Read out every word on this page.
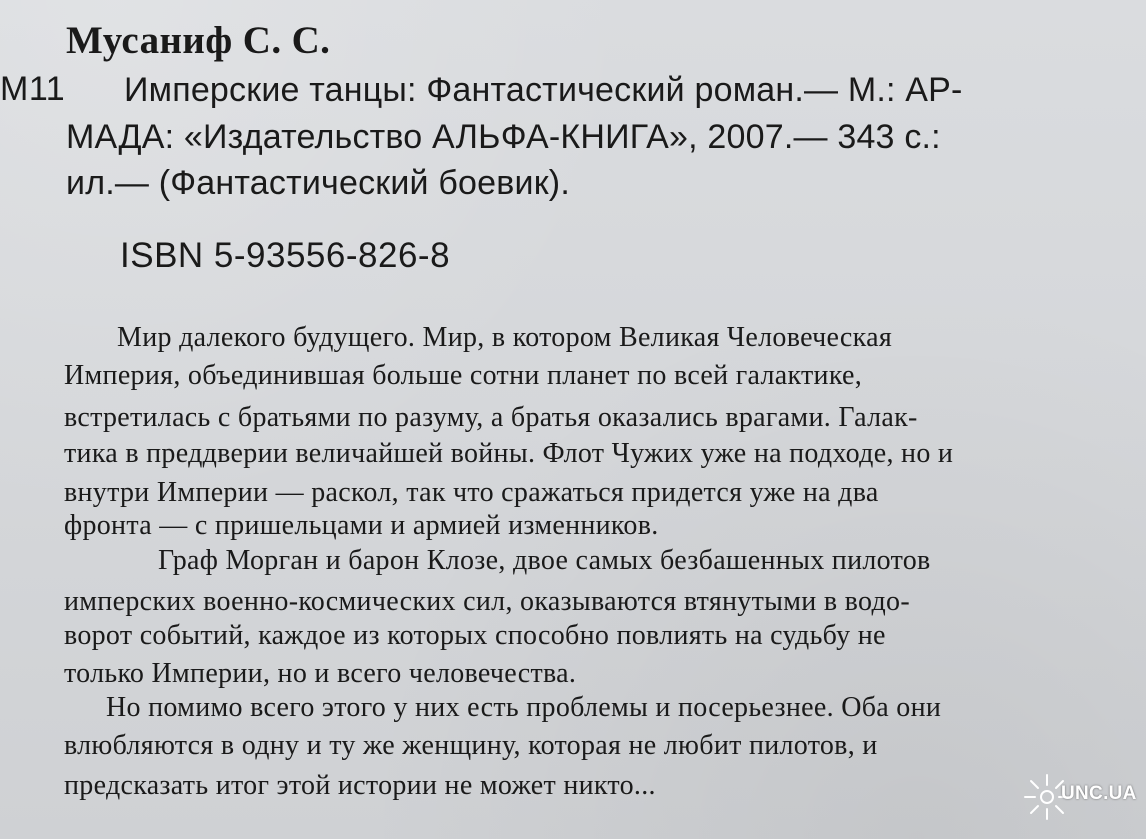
Мусаниф С. С.
M11 Имперские танцы: Фантастический роман.— М.: АР-
МАДА: «Издательство АЛЬФА-КНИГА», 2007.— 343 с.:
ил.— (Фантастический боевик).
ISBN 5-93556-826-8
Мир далекого будущего. Мир, в котором Великая Человеческая
Империя, объединившая больше сотни планет по всей галактике,
встретилась с братьями по разуму, а братья оказались врагами. Галак-
тика в преддверии величайшей войны. Флот Чужих уже на подходе, но и
внутри Империи — раскол, так что сражаться придется уже на два
фронта — с пришельцами и армией изменников.
Граф Морган и барон Клозе, двое самых безбашенных пилотов
имперских военно-космических сил, оказываются втянутыми в водо-
ворот событий, каждое из которых способно повлиять на судьбу не
только Империи, но и всего человечества.
Но помимо всего этого у них есть проблемы и посерьезнее. Оба они
влюбляются в одну и ту же женщину, которая не любит пилотов, и
предсказать итог этой истории не может никто...	UNC.UA
